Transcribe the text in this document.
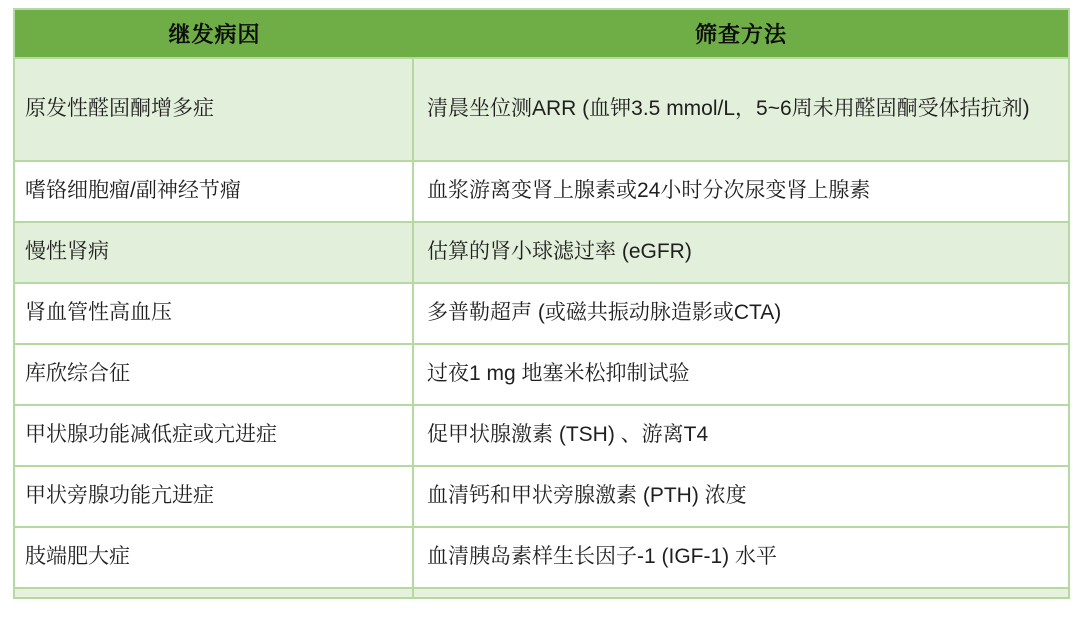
继发病因	筛查方法
原发性醛固酮增多症	清晨坐位测ARR (血钾3.5 mmol/L，5~6周未用醛固酮受体拮抗剂)
嗜铬细胞瘤/副神经节瘤	血浆游离变肾上腺素或24小时分次尿变肾上腺素
慢性肾病	估算的肾小球滤过率 (eGFR)
肾血管性高血压	多普勒超声 (或磁共振动脉造影或CTA)
库欣综合征	过夜1 mg 地塞米松抑制试验
甲状腺功能减低症或亢进症	促甲状腺激素 (TSH) 、游离T4
甲状旁腺功能亢进症	血清钙和甲状旁腺激素 (PTH) 浓度
肢端肥大症	血清胰岛素样生长因子-1 (IGF-1) 水平
